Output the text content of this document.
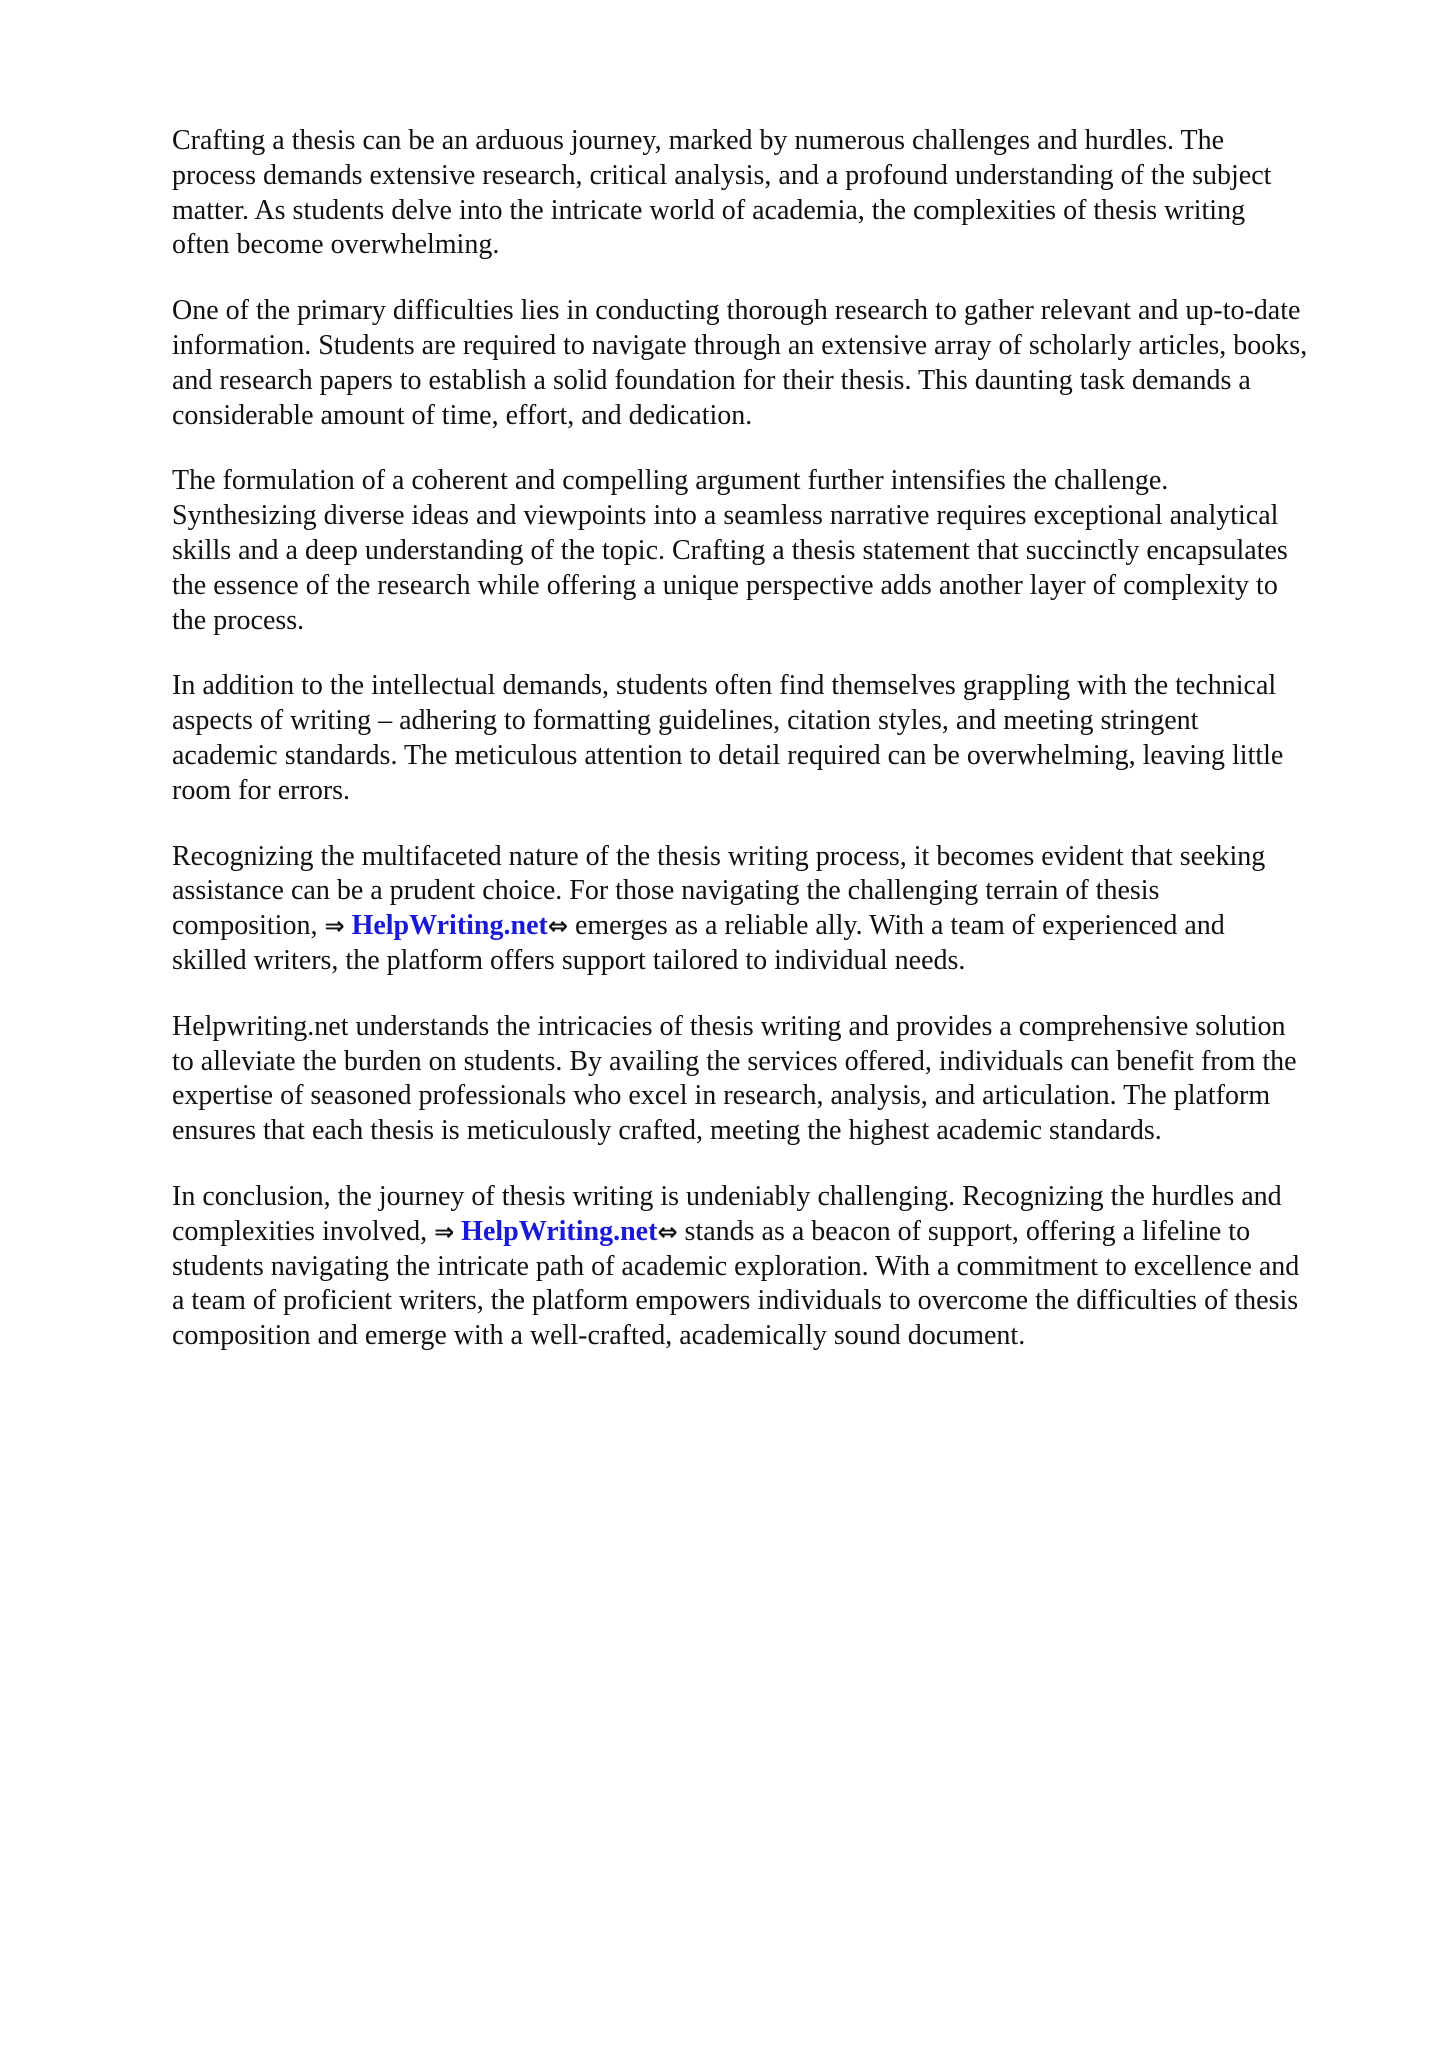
Crafting a thesis can be an arduous journey, marked by numerous challenges and hurdles. The
process demands extensive research, critical analysis, and a profound understanding of the subject
matter. As students delve into the intricate world of academia, the complexities of thesis writing
often become overwhelming.

One of the primary difficulties lies in conducting thorough research to gather relevant and up-to-date
information. Students are required to navigate through an extensive array of scholarly articles, books,
and research papers to establish a solid foundation for their thesis. This daunting task demands a
considerable amount of time, effort, and dedication.

The formulation of a coherent and compelling argument further intensifies the challenge.
Synthesizing diverse ideas and viewpoints into a seamless narrative requires exceptional analytical
skills and a deep understanding of the topic. Crafting a thesis statement that succinctly encapsulates
the essence of the research while offering a unique perspective adds another layer of complexity to
the process.

In addition to the intellectual demands, students often find themselves grappling with the technical
aspects of writing – adhering to formatting guidelines, citation styles, and meeting stringent
academic standards. The meticulous attention to detail required can be overwhelming, leaving little
room for errors.

Recognizing the multifaceted nature of the thesis writing process, it becomes evident that seeking
assistance can be a prudent choice. For those navigating the challenging terrain of thesis
composition, ⇒ HelpWriting.net⇔ emerges as a reliable ally. With a team of experienced and
skilled writers, the platform offers support tailored to individual needs.

Helpwriting.net understands the intricacies of thesis writing and provides a comprehensive solution
to alleviate the burden on students. By availing the services offered, individuals can benefit from the
expertise of seasoned professionals who excel in research, analysis, and articulation. The platform
ensures that each thesis is meticulously crafted, meeting the highest academic standards.

In conclusion, the journey of thesis writing is undeniably challenging. Recognizing the hurdles and
complexities involved, ⇒ HelpWriting.net⇔ stands as a beacon of support, offering a lifeline to
students navigating the intricate path of academic exploration. With a commitment to excellence and
a team of proficient writers, the platform empowers individuals to overcome the difficulties of thesis
composition and emerge with a well-crafted, academically sound document.
